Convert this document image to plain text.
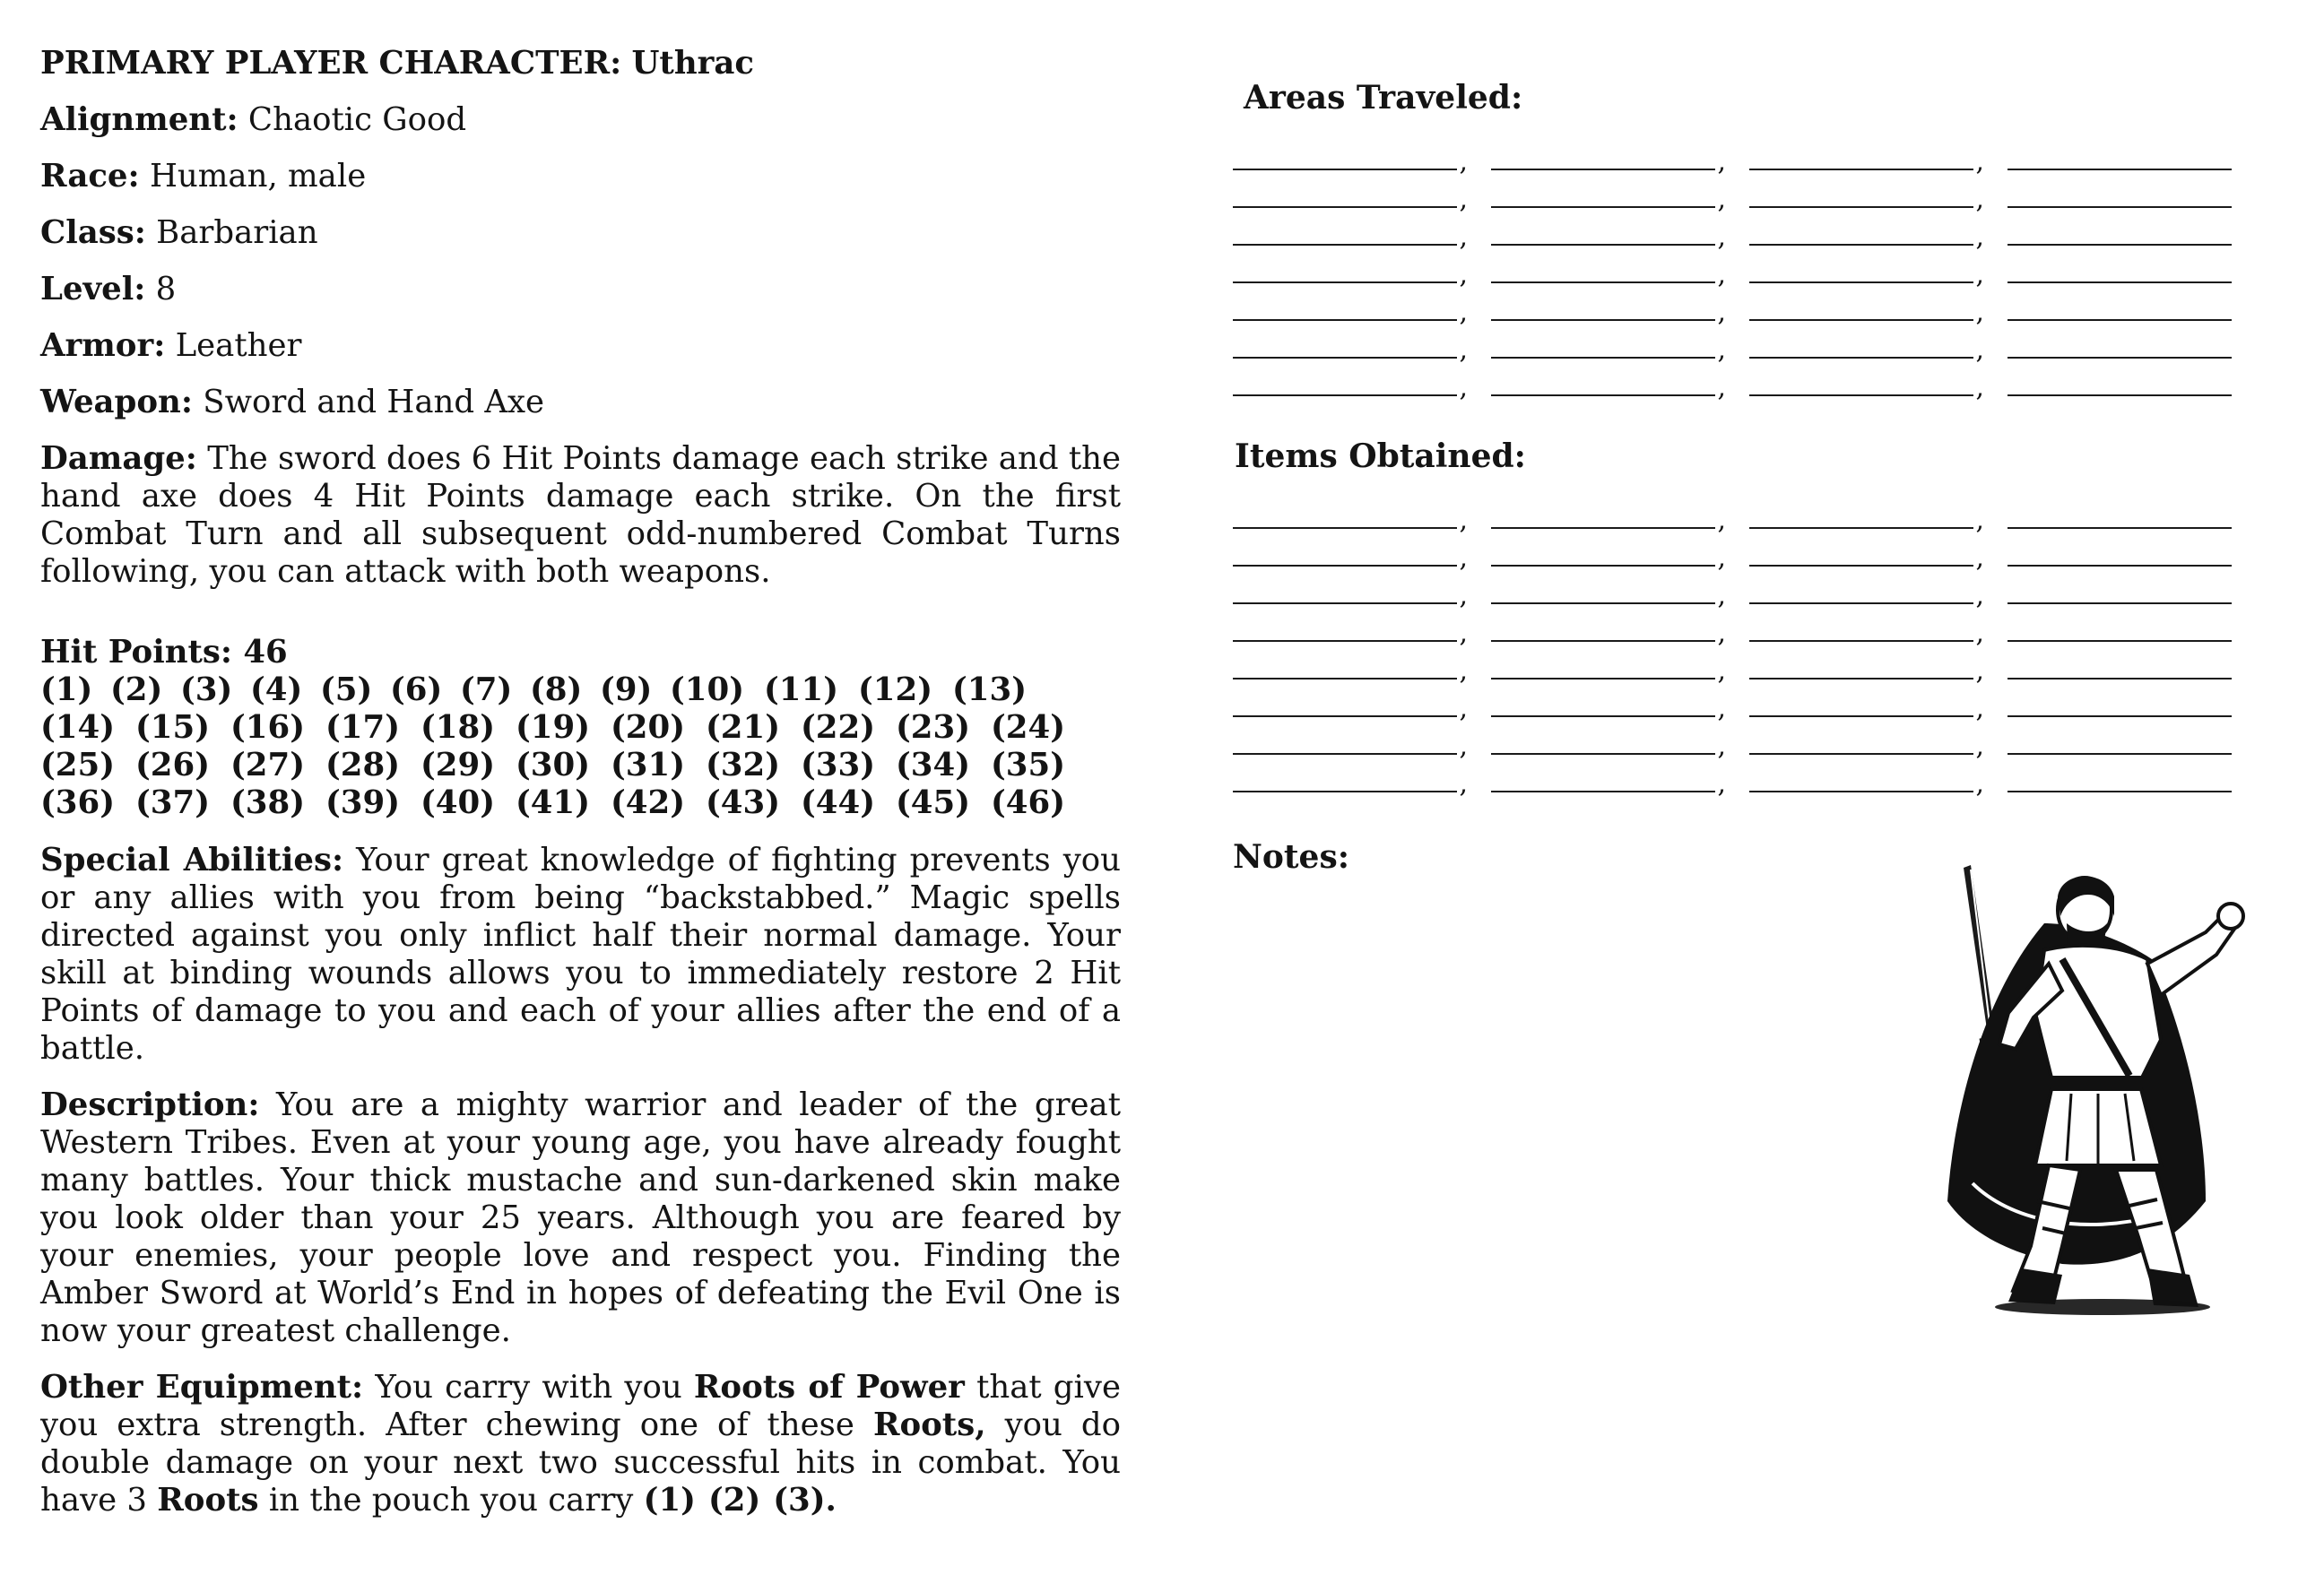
PRIMARY PLAYER CHARACTER: Uthrac
Alignment: Chaotic Good
Race: Human, male
Class: Barbarian
Level: 8
Armor: Leather
Weapon: Sword and Hand Axe
Damage: The sword does 6 Hit Points damage each strike and the hand axe does 4 Hit Points damage each strike. On the first Combat Turn and all subsequent odd-numbered Combat Turns following, you can attack with both weapons.
Hit Points: 46
(1) (2) (3) (4) (5) (6) (7) (8) (9) (10) (11) (12) (13)
(14) (15) (16) (17) (18) (19) (20) (21) (22) (23) (24)
(25) (26) (27) (28) (29) (30) (31) (32) (33) (34) (35)
(36) (37) (38) (39) (40) (41) (42) (43) (44) (45) (46)
Special Abilities: Your great knowledge of fighting prevents you or any allies with you from being “backstabbed.” Magic spells directed against you only inflict half their normal damage. Your skill at binding wounds allows you to immediately restore 2 Hit Points of damage to you and each of your allies after the end of a battle.
Description: You are a mighty warrior and leader of the great Western Tribes. Even at your young age, you have already fought many battles. Your thick mustache and sun-darkened skin make you look older than your 25 years. Although you are feared by your enemies, your people love and respect you. Finding the Amber Sword at World’s End in hopes of defeating the Evil One is now your greatest challenge.
Other Equipment: You carry with you Roots of Power that give you extra strength. After chewing one of these Roots, you do double damage on your next two successful hits in combat. You have 3 Roots in the pouch you carry (1) (2) (3).
Areas Traveled:
,
,
,
,
,
,
,
,
,
,
,
,
,
,
,
,
,
,
,
,
,
Items Obtained:
,
,
,
,
,
,
,
,
,
,
,
,
,
,
,
,
,
,
,
,
,
,
,
,
Notes:
